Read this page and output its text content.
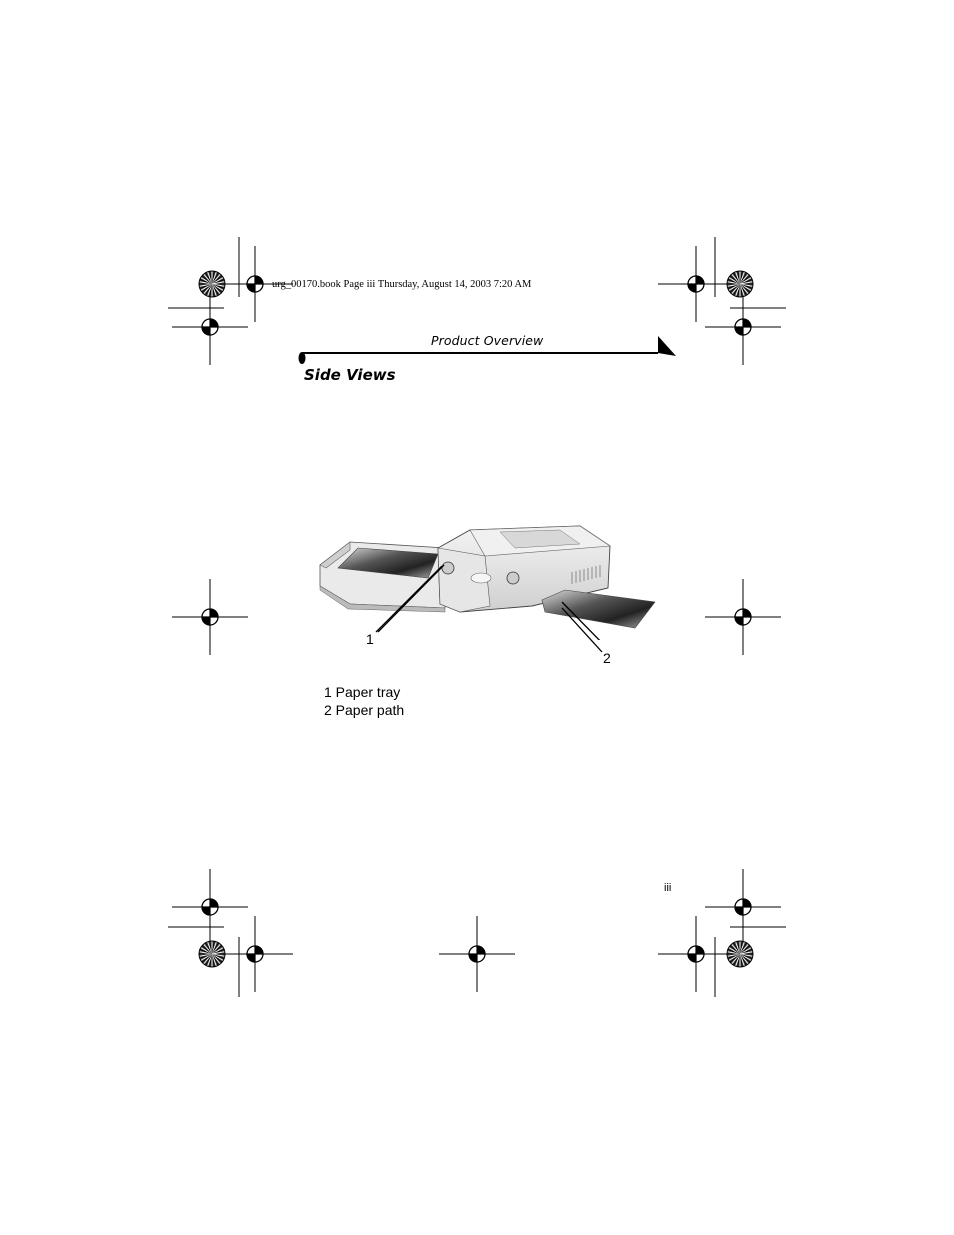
urg_00170.book Page iii Thursday, August 14, 2003 7:20 AM
Product Overview
Side Views
1
2
1 Paper tray
2 Paper path
iii
